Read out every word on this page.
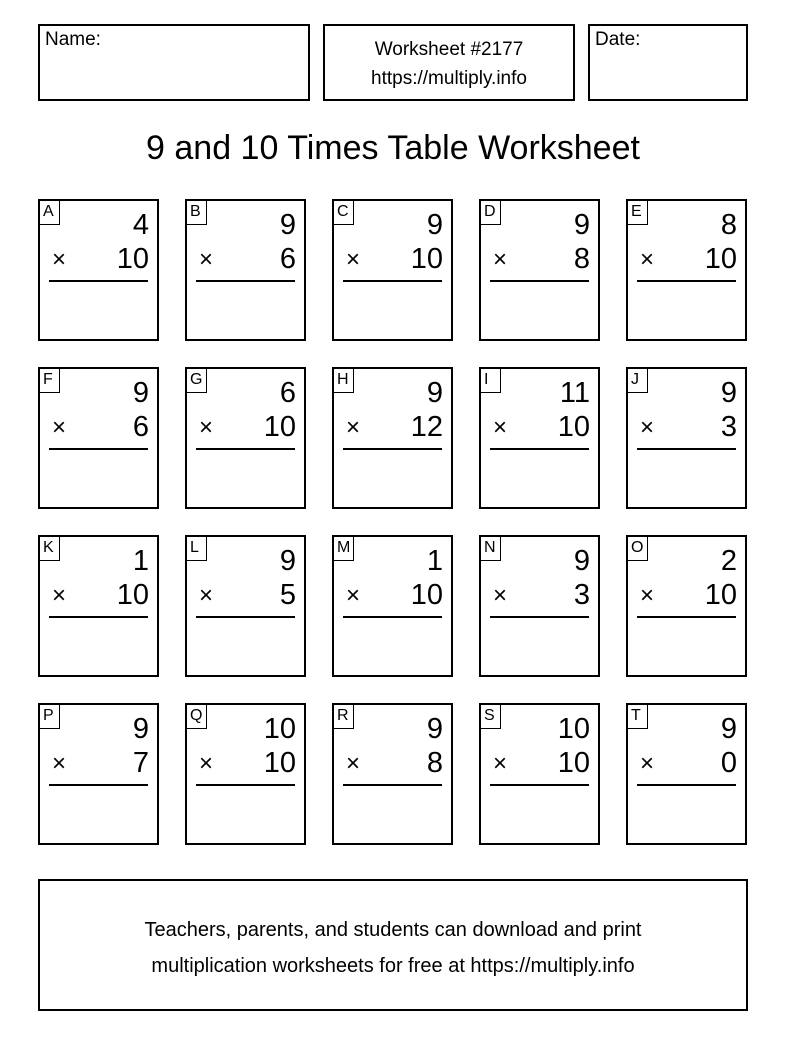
Name:	Worksheet #2177
https://multiply.info
Date:
9 and 10 Times Table Worksheet
A	4
× 10
B	9
× 6
C	9
× 10
D	9
× 8
E	8
× 10
F	9
× 6
G	6
× 10
H	9
× 12
I	11
× 10
J	9
× 3
K	1
× 10
L	9
× 5
M	1
× 10
N	9
× 3
O	2
× 10
P	9
× 7
Q 10
× 10
R	9
× 8
S 10
× 10
T	9
× 0
Teachers, parents, and students can download and print
multiplication worksheets for free at https://multiply.info
